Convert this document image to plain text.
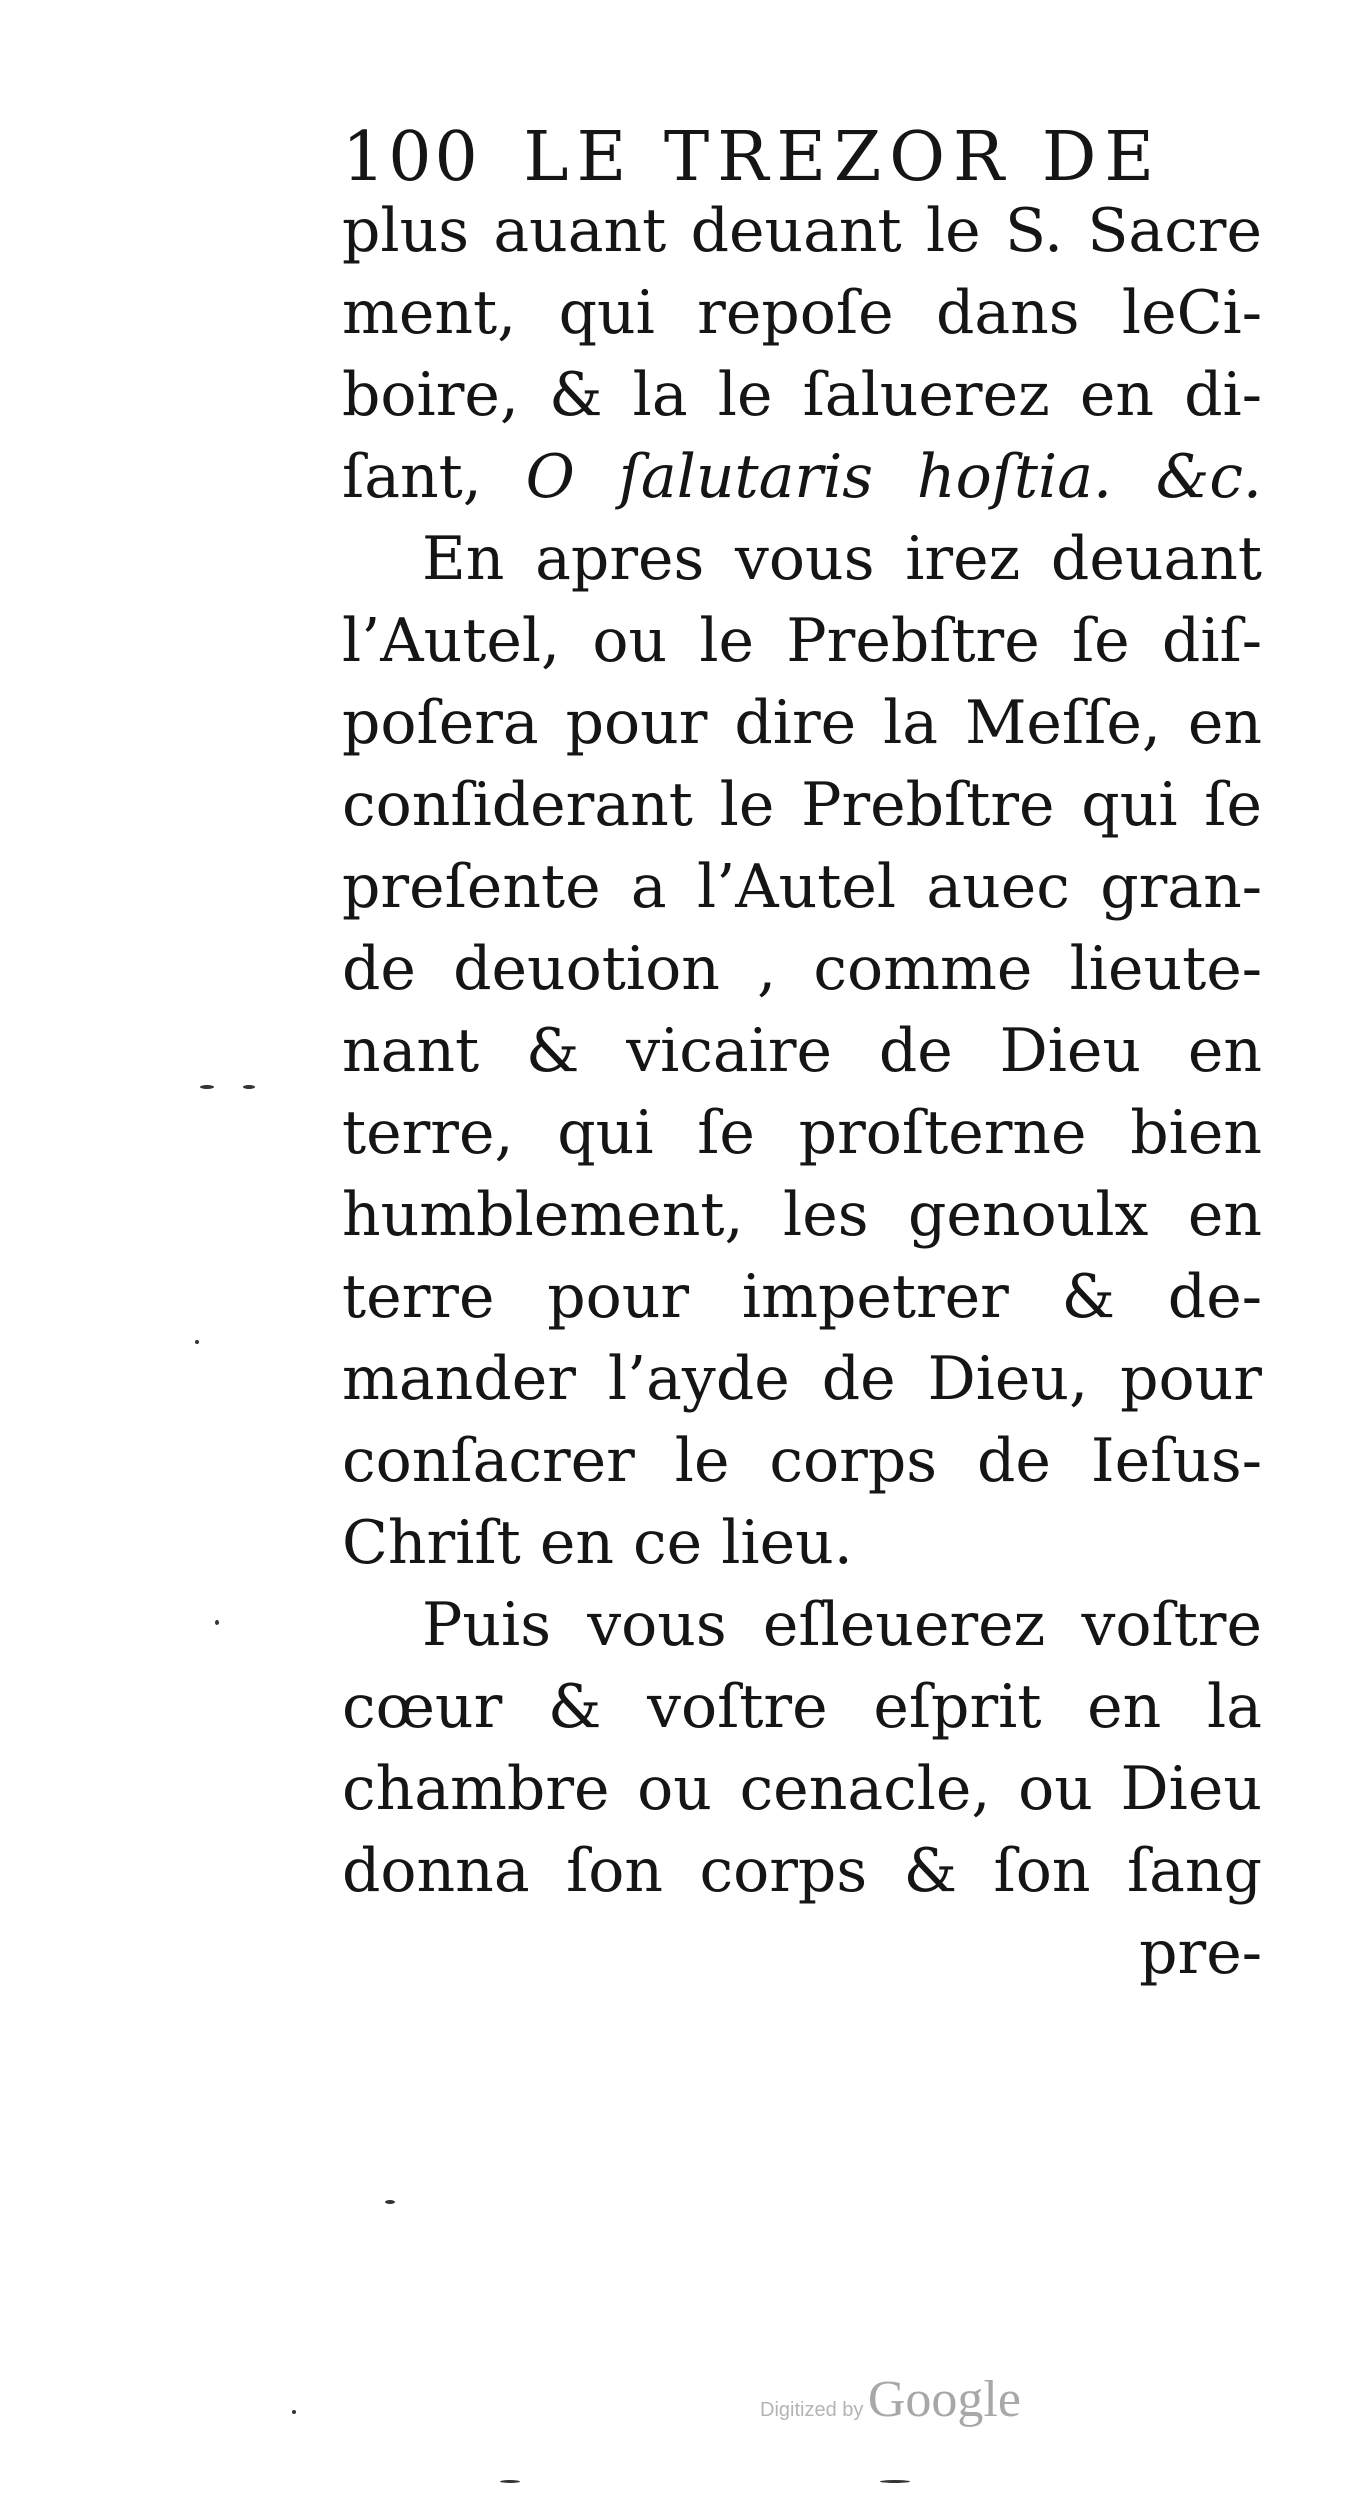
100 LE TREZOR DE
plus auant deuant le S. Sacre
ment, qui repoſe dans leCi-
boire, & la le ſaluerez en di-
ſant, O ſalutaris hoſtia. &c.
En apres vous irez deuant
l’Autel, ou le Prebſtre ſe diſ-
poſera pour dire la Meſſe, en
conſiderant le Prebſtre qui ſe
preſente a l’Autel auec gran-
de deuotion , comme lieute-
nant & vicaire de Dieu en
terre, qui ſe proſterne bien
humblement, les genoulx en
terre pour impetrer & de-
mander l’ayde de Dieu, pour
conſacrer le corps de Ieſus-
Chriſt en ce lieu.
Puis vous eſleuerez voſtre
cœur & voſtre eſprit en la
chambre ou cenacle, ou Dieu
donna ſon corps & ſon ſang
pre-
Digitized by Google
